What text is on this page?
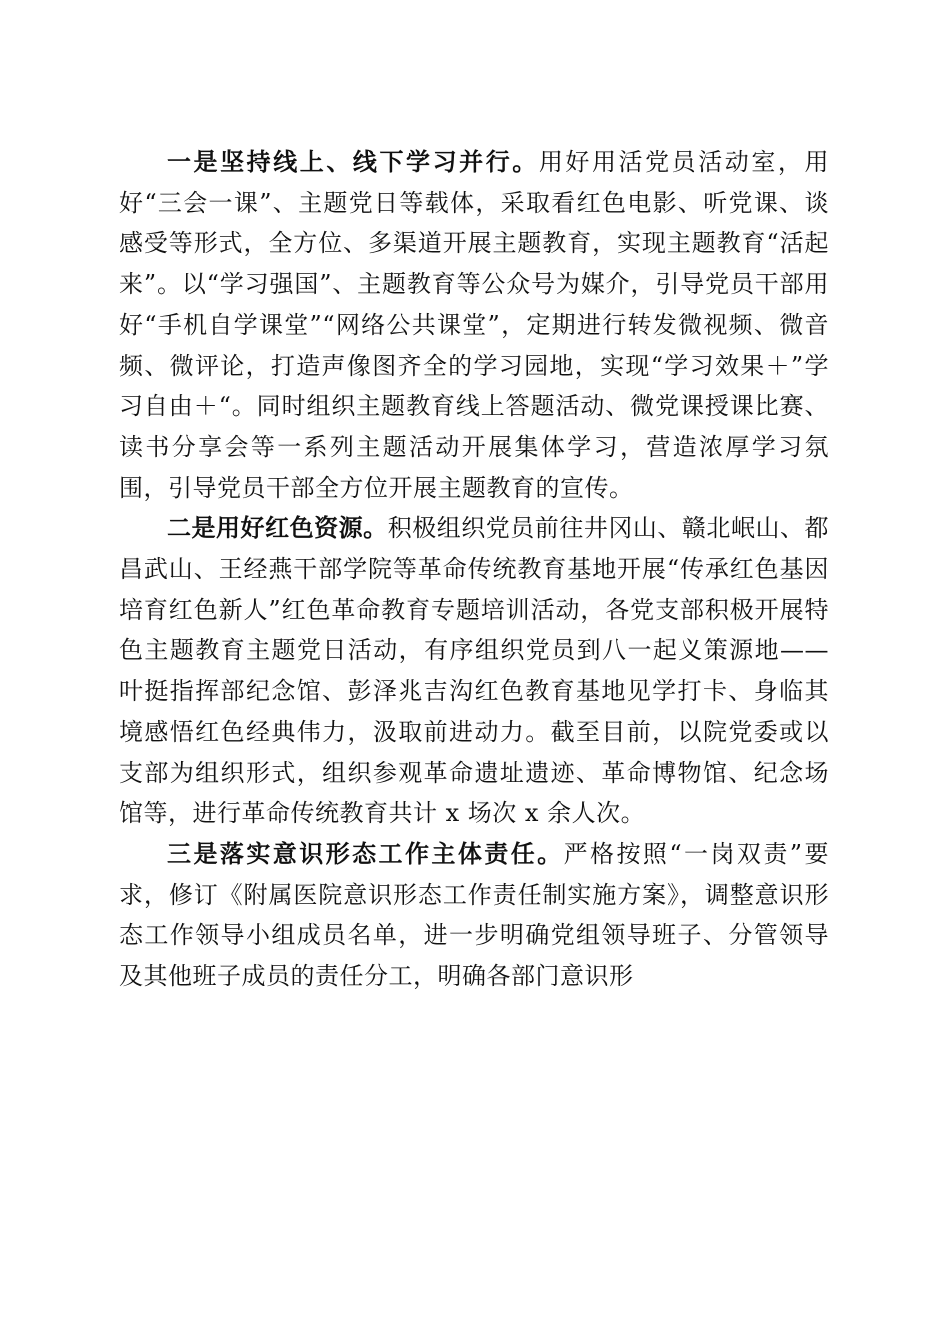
一是坚持线上、线下学习并行。用好用活党员活动室，用好“三会一课”、主题党日等载体，采取看红色电影、听党课、谈感受等形式，全方位、多渠道开展主题教育，实现主题教育“活起来”。以“学习强国”、主题教育等公众号为媒介，引导党员干部用好“手机自学课堂”“网络公共课堂”，定期进行转发微视频、微音频、微评论，打造声像图齐全的学习园地，实现“学习效果＋”学习自由＋“。同时组织主题教育线上答题活动、微党课授课比赛、读书分享会等一系列主题活动开展集体学习，营造浓厚学习氛围，引导党员干部全方位开展主题教育的宣传。

二是用好红色资源。积极组织党员前往井冈山、赣北岷山、都昌武山、王经燕干部学院等革命传统教育基地开展“传承红色基因培育红色新人”红色革命教育专题培训活动，各党支部积极开展特色主题教育主题党日活动，有序组织党员到八一起义策源地——叶挺指挥部纪念馆、彭泽兆吉沟红色教育基地见学打卡、身临其境感悟红色经典伟力，汲取前进动力。截至目前，以院党委或以支部为组织形式，组织参观革命遗址遗迹、革命博物馆、纪念场馆等，进行革命传统教育共计 x 场次 x 余人次。

三是落实意识形态工作主体责任。严格按照“一岗双责”要求，修订《附属医院意识形态工作责任制实施方案》，调整意识形态工作领导小组成员名单，进一步明确党组领导班子、分管领导及其他班子成员的责任分工，明确各部门意识形
